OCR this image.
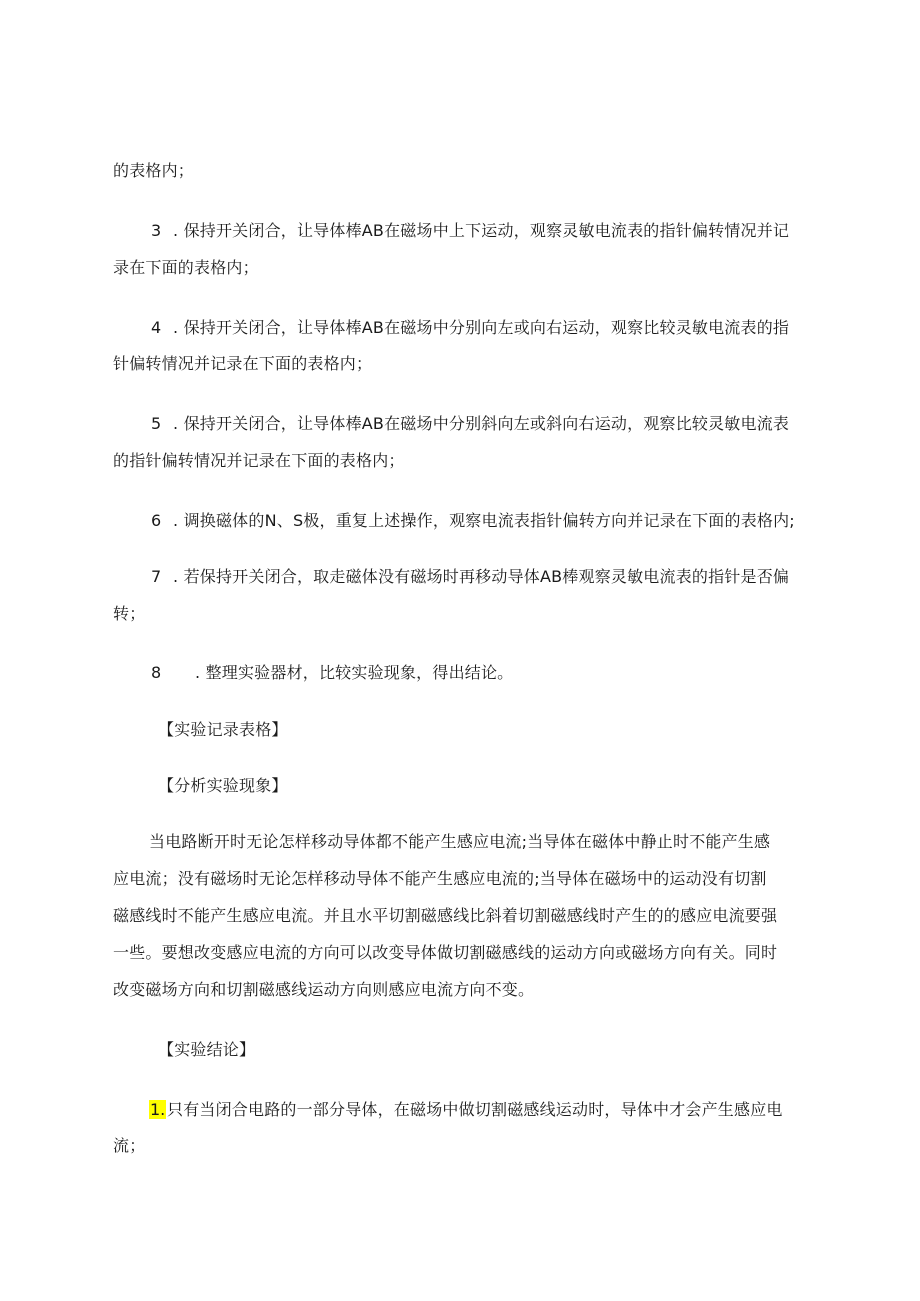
的表格内；
3 . 保持开关闭合，让导体棒AB在磁场中上下运动，观察灵敏电流表的指针偏转情况并记
录在下面的表格内；
4 . 保持开关闭合，让导体棒AB在磁场中分别向左或向右运动，观察比较灵敏电流表的指
针偏转情况并记录在下面的表格内；
5 . 保持开关闭合，让导体棒AB在磁场中分别斜向左或斜向右运动，观察比较灵敏电流表
的指针偏转情况并记录在下面的表格内；
6 . 调换磁体的N、S极，重复上述操作，观察电流表指针偏转方向并记录在下面的表格内;
7 . 若保持开关闭合，取走磁体没有磁场时再移动导体AB棒观察灵敏电流表的指针是否偏
转；
8 . 整理实验器材，比较实验现象，得出结论。
【实验记录表格】
【分析实验现象】
当电路断开时无论怎样移动导体都不能产生感应电流;当导体在磁体中静止时不能产生感
应电流；没有磁场时无论怎样移动导体不能产生感应电流的;当导体在磁场中的运动没有切割
磁感线时不能产生感应电流。并且水平切割磁感线比斜着切割磁感线时产生的的感应电流要强
一些。要想改变感应电流的方向可以改变导体做切割磁感线的运动方向或磁场方向有关。同时
改变磁场方向和切割磁感线运动方向则感应电流方向不变。
【实验结论】
1. 只有当闭合电路的一部分导体，在磁场中做切割磁感线运动时，导体中才会产生感应电
流；
